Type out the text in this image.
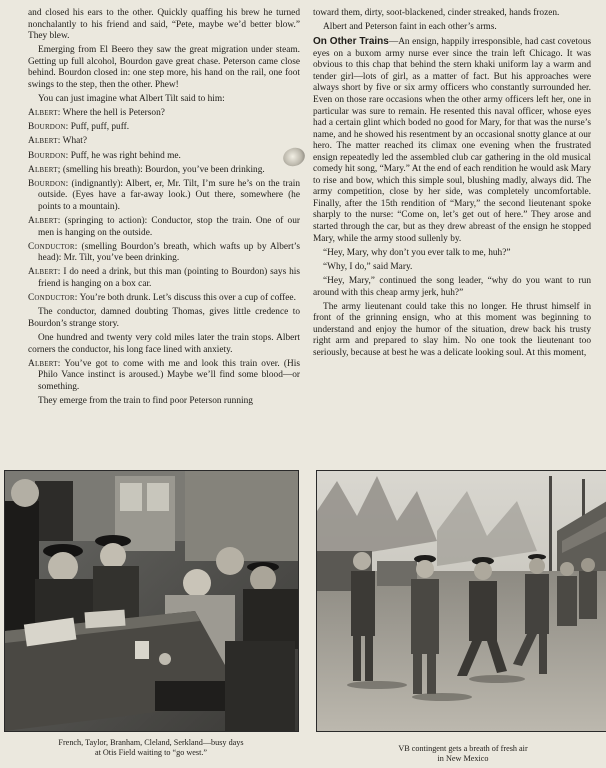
and closed his ears to the other. Quickly quaffing his brew he turned nonchalantly to his friend and said, “Pete, maybe we’d better blow.” They blew.

Emerging from El Beero they saw the great migration under steam. Getting up full alcohol, Bourdon gave great chase. Peterson came close behind. Bourdon closed in: one step more, his hand on the rail, one foot swings to the step, then the other. Phew!

You can just imagine what Albert Tilt said to him:

Albert: Where the hell is Peterson?

Bourdon: Puff, puff, puff.

Albert: What?

Bourdon: Puff, he was right behind me.

Albert; (smelling his breath): Bourdon, you’ve been drinking.

Bourdon: (indignantly): Albert, er, Mr. Tilt, I’m sure he’s on the train outside. (Eyes have a far-away look.) Out there, somewhere (he points to a mountain).

Albert: (springing to action): Conductor, stop the train. One of our men is hanging on the outside.

Conductor: (smelling Bourdon’s breath, which wafts up by Albert’s head): Mr. Tilt, you’ve been drinking.

Albert: I do need a drink, but this man (pointing to Bourdon) says his friend is hanging on a box car.

Conductor: You’re both drunk. Let’s discuss this over a cup of coffee.

The conductor, damned doubting Thomas, gives little credence to Bourdon’s strange story.

One hundred and twenty very cold miles later the train stops. Albert corners the conductor, his long face lined with anxiety.

Albert: You’ve got to come with me and look this train over. (His Philo Vance instinct is aroused.) Maybe we’ll find some blood—or something.

They emerge from the train to find poor Peterson running

toward them, dirty, soot-blackened, cinder streaked, hands frozen.

Albert and Peterson faint in each other’s arms.

On Other Trains—An ensign, happily irresponsible, had cast covetous eyes on a buxom army nurse ever since the train left Chicago. It was obvious to this chap that behind the stern khaki uniform lay a warm and tender girl—lots of girl, as a matter of fact. But his approaches were always short by five or six army officers who constantly surrounded her. Even on those rare occasions when the other army officers left her, one in particular was sure to remain. He resented this naval officer, whose eyes had a certain glint which boded no good for Mary, for that was the nurse’s name, and he showed his resentment by an occasional snotty glance at our hero. The matter reached its climax one evening when the frustrated ensign repeatedly led the assembled club car gathering in the old musical comedy hit song, “Mary.” At the end of each rendition he would ask Mary to rise and bow, which this simple soul, blushing madly, always did. The army competition, close by her side, was completely uncomfortable. Finally, after the 15th rendition of “Mary,” the second lieutenant spoke sharply to the nurse: “Come on, let’s get out of here.” They arose and started through the car, but as they drew abreast of the ensign he stopped Mary, while the army stood sullenly by.

“Hey, Mary, why don’t you ever talk to me, huh?”

“Why, I do,” said Mary.

“Hey, Mary,” continued the song leader, “why do you want to run around with this cheap army jerk, huh?”

The army lieutenant could take this no longer. He thrust himself in front of the grinning ensign, who at this moment was beginning to understand and enjoy the humor of the situation, drew back his trusty right arm and prepared to slay him. No one took the lieutenant too seriously, because at best he was a delicate looking soul. At this moment,

French, Taylor, Branham, Cleland, Serkland—busy days
at Otis Field waiting to “go west.”	VB contingent gets a breath of fresh air
in New Mexico
